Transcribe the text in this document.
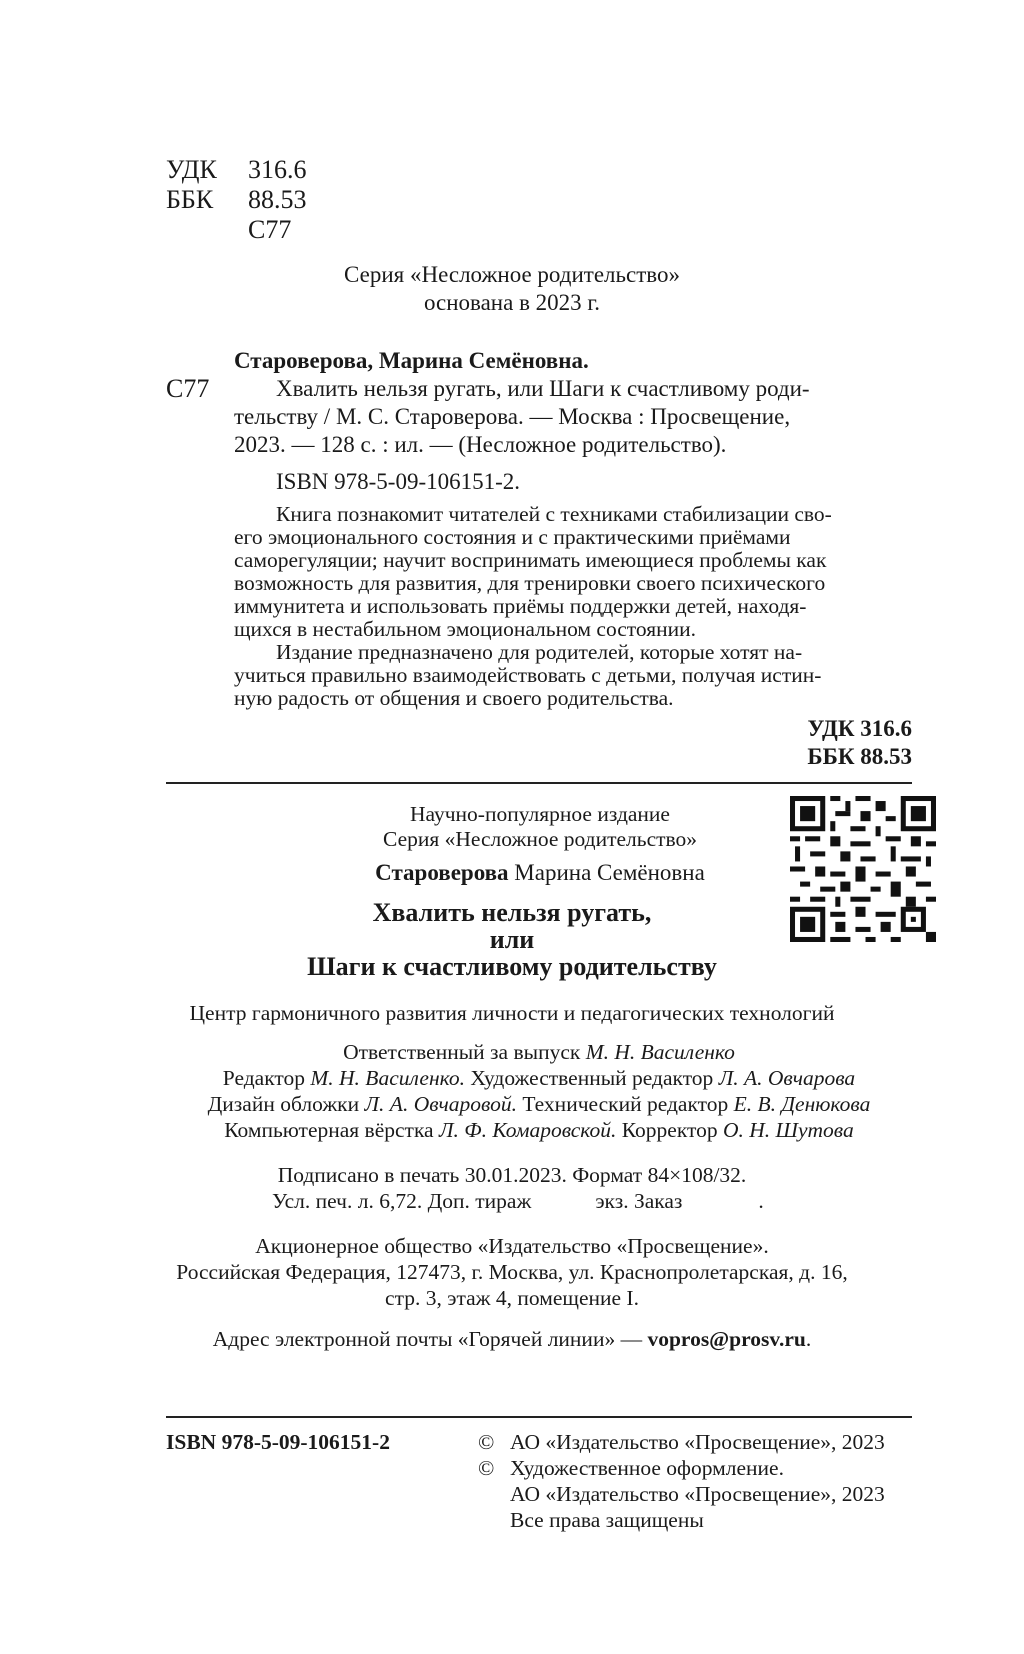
УДК 316.6
ББК 88.53
С77
Серия «Несложное родительство»
основана в 2023 г.
Староверова, Марина Семёновна.
С77	Хвалить нельзя ругать, или Шаги к счастливому роди-
тельству / М. С. Староверова. — Москва : Просвещение,
2023. — 128 с. : ил. — (Несложное родительство).
ISBN 978-5-09-106151-2.
Книга познакомит читателей с техниками стабилизации сво-
его эмоционального состояния и с практическими приёмами
саморегуляции; научит воспринимать имеющиеся проблемы как
возможность для развития, для тренировки своего психического
иммунитета и использовать приёмы поддержки детей, находя-
щихся в нестабильном эмоциональном состоянии.
Издание предназначено для родителей, которые хотят на-
учиться правильно взаимодействовать с детьми, получая истин-
ную радость от общения и своего родительства.
УДК 316.6
ББК 88.53
Научно-популярное издание
Серия «Несложное родительство»
Староверова Марина Семёновна
Хвалить нельзя ругать,
или
Шаги к счастливому родительству
Центр гармоничного развития личности и педагогических технологий
Ответственный за выпуск М. Н. Василенко
Редактор М. Н. Василенко. Художественный редактор Л. А. Овчарова
Дизайн обложки Л. А. Овчаровой. Технический редактор Е. В. Денюкова
Компьютерная вёрстка Л. Ф. Комаровской. Корректор О. Н. Шутова
Подписано в печать 30.01.2023. Формат 84×108/32.
Усл. печ. л. 6,72. Доп. тираж	экз. Заказ	.
Акционерное общество «Издательство «Просвещение».
Российская Федерация, 127473, г. Москва, ул. Краснопролетарская, д. 16,
стр. 3, этаж 4, помещение I.
Адрес электронной почты «Горячей линии» — vopros@prosv.ru.
ISBN 978-5-09-106151-2	© АО «Издательство «Просвещение», 2023
© Художественное оформление.
АО «Издательство «Просвещение», 2023
Все права защищены
